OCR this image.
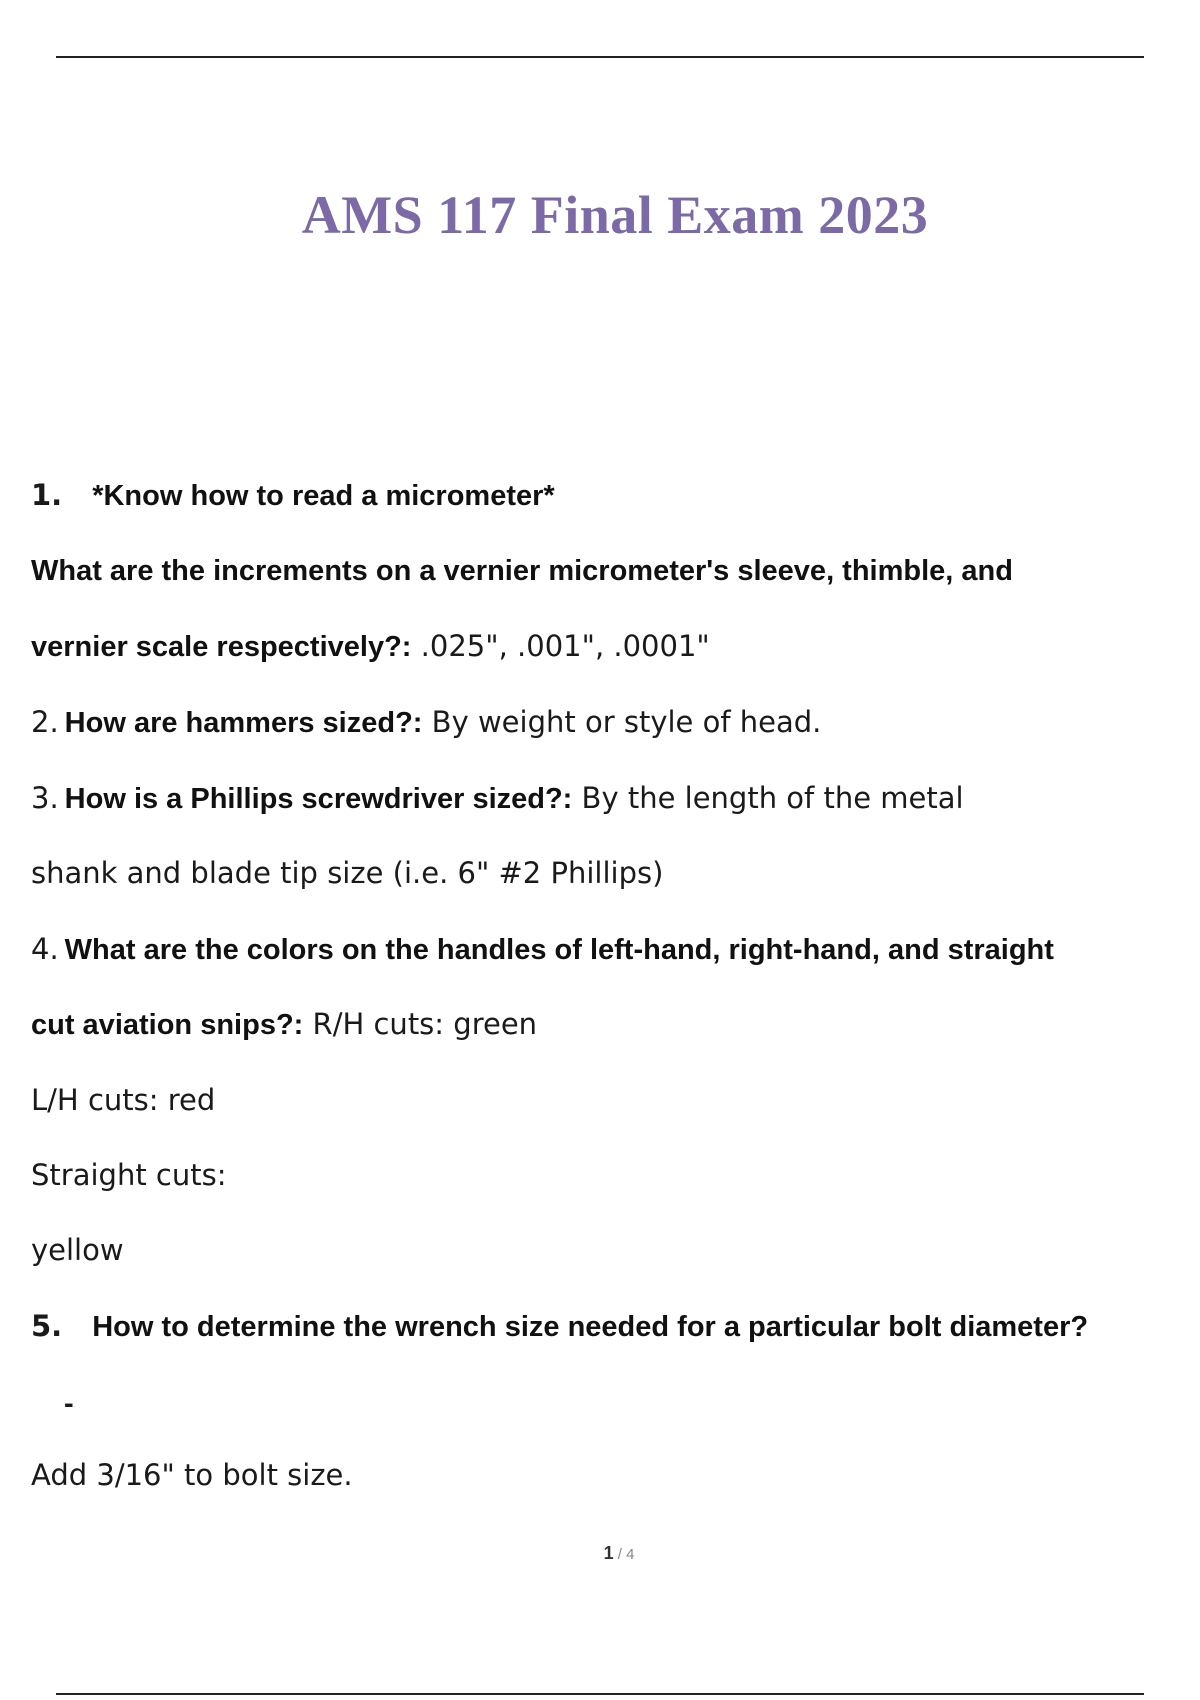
AMS 117 Final Exam 2023
1. *Know how to read a micrometer*
What are the increments on a vernier micrometer's sleeve, thimble, and
vernier scale respectively?: .025", .001", .0001"
2. How are hammers sized?: By weight or style of head.
3. How is a Phillips screwdriver sized?: By the length of the metal
shank and blade tip size (i.e. 6" #2 Phillips)
4. What are the colors on the handles of left-hand, right-hand, and straight
cut aviation snips?: R/H cuts: green
L/H cuts: red
Straight cuts:
yellow
5. How to determine the wrench size needed for a particular bolt diameter?
-
Add 3/16" to bolt size.
1 / 4
